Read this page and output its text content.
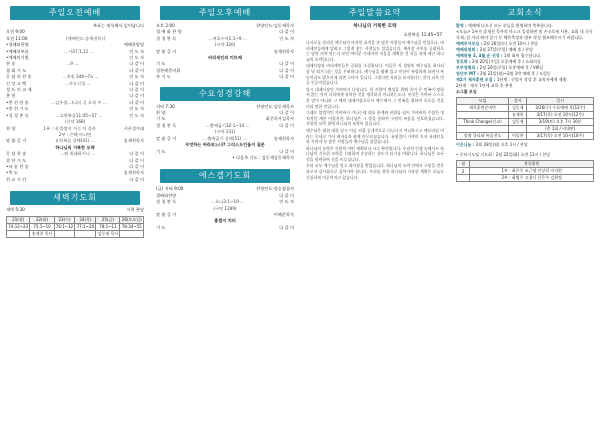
주일오전예배
※표는 재석해서 일어납니다
오전 9:00
오전 11:00	(예배인도:송재천목사
•경배와찬양	예배찬양팀
•예배의부름	…시47:1,11 …	인 도 자
•예배의기원	인 도 자
찬 송	…9 …	다 같 이
참 회 기 도	다 같 이
응 답 의 찬 송	…찬송 346~7a …	인 도 자
신 앙 고 백	…사도신경 …	다 같 이
성 도 의 교 제	다 같 이
봉 헌	다 같 이
•봉 헌 찬 송	…김우림…(나의 길 오직 주 …	다 같 이
•봉 헌 기 도	인 도 자
•성 경 봉 독	…요한복음11:45~57 …	인 도 자
(신약 168)
찬 양	1부 : 내 불쌍이 가득 차 올라	시온성가대
2부 : 은혜 아니면
말 씀 증 거	요한복음 강해(41) …	송재천목사
하나님의 거룩한 모략
응 답 찬 송	…뭐 원태하시니 …	다 같 이
결 단 기 도	다 같 이
•파 송 찬 송	다 같 이
•축 도	송재천목사
친 교 시 간	다 같 이
새벽기도회
새벽 5:30	시편 본당
21(월)	22(화)	23(수)	24(목)	25(금)	26(토요일)
74:12~23	75:1~10	76:1~12	77:1~20	78:1~11	78:34~55
	송재천 목사			김동재 목사	
주일오후예배
오후 2:00	찬양인도:김동재목사
경 배 와 찬 양	다 같 이
성 경 봉 독	…여호수아1:1~9 …	인 도 자
(구약 320)
말 씀 증 거	송재천목사
바리새인의 미트배
기 도	다 같 이
성찬례준비위	다 같 이
주 기 도	다 같 이
수요성경강해
저녁 7:30	찬양인도:김동재목사
찬 양	다 같 이
기 도	회중목사김목사
성 경 봉 독	…출애굽기32:1~14 …	다 같 이
(구약 131)
말 씀 증 거	…출애굽기 강해(51) …	송재천목사
무엇하는 바라보느냐? 그리스도인들이 질문
기 도	다 같 이
• 다음주 기도 : 김동재김동재목사
에스겔기도회
(금) 저녁 9:00	찬양인도:정승겸집사
경배와찬양	다 같 이
성 경 봉 독	…요나3:1~10 …	인 도 자
(구약 1289)
말 씀 증 거	이해준목사
좋겠지 치러
기 도	다 같 이
주일말씀요약
하나님의 거룩한 모략
요한복음 11:45~57

나사로를 살리신 예수님의 마지막 표적을 본 많은 사람들이 예수님을 믿었으나, 바리새인들에게 알려고 그렇게 찾는 사람들도 있었습니다. 제사장 사이를 공회하으는 당의 지야 잇는가 보던 여러분 가데자의 죽음을 계획한 것 자들 뒤에 세난 하나님의 모략입니다.

대제사장과 바리새인들은 공회를 소집합니다. 이들은 저 성원이 예수님을 최사되음 및 퇴거 되는 것을 우려합니다. 예수님을 영해 있고 민심이 폭발하게 되면서 폭동이라도 발으키게 되면 로마가 입니다. 그렇다면 자리를 유지한다는 것이 더욱 만들 인공이었습니다.

당시 대제사장인 가야바가 나섭니다. 한 사람이 백성을 위해 죽어 온 민족이 망하지 않는 것이 너희에게 유익한 것을 생각하지 아니하는도다. 이것은 가야바 스스로 한 말이 아니라 그 해의 대제사장으로서 예수께서 그 민족을 위하여 죽으실 것을 미리 말한 것입니다.

그래도 불법적인 가야바가 가나는데 죄를 한계와 권위를 넘어 가야바의 주장은 정치적인 계산 이었지만, 하나님은 그 말을 통하여 구원의 복음을 선포하셨습니다. 사람의 모략 위에 하나님의 모략이 있습니다.

예수님은 대한 대한 당시 이를 직접 공개적으로 다니시지 아니하시고 에브라임 이라는 동네로 가서 제자들과 함께 머무르셨습니다. 유월절이 가까이 오자 유대인들과 가이야 등 많은 사람들이 예수님을 찾았습니다.

하나님의 모략은 사람의 어떤 계획보다 크고 완전합니다. 우리의 인생 속에서도 하나님의 거룩한 모략을 신뢰하며 순종하는 성도가 되기를 바랍니다. 하나님은 모든 것을 합력하여 선을 이루십니다.

우리 모두 예수님을 믿고 죄사함을 받았습니다. 하나님의 모략 안에서 구원을 얻은 자로서 감사함으로 살아가야 합니다. 우리를 향한 하나님의 거룩한 계획은 오늘도 신실하게 이루어지고 있습니다.

교회소식
환영 : 예배에 나오신 모든 분들을 환영하며 축복합니다.
<오늘> 1부가 송재천 목사의 마스크 입장하면 및 손소독제 사용, 교회 내 식사 자제, 한 자리 띄어 앉기 등 체온측정과 명부 작성 협조해주시기 바랍니다.
예배부서모임 : 2월 26일(토) 오전 10시 / 본당
예배위원회 : 2월 27일(주일) 예배 후 / 본당
예배위원 3, 4월 순 선정 : 1월 회비 접수합니다.
장로회 : 2월 20일(주일) 오후예배 후 / 소회의실
부부장회의 : 2월 20일(주일) 오후예배 후 / VIP실
청년부 MT : 2월 21일(월)~2월 1박 예배 후 / 도림동
제2기 제자훈련 모집 : 1단계 : 신앙서 작성 후 교육자에게 제출
2단계 : 제자 1단계 교육 후 추천
소그룹 모임
모임	강사	일시
제자훈련준비반	김동재	3/16(수) 수요예배 후(12주)
	송재천	3/17(목) 오전 10시(12주)
Think Change(선교)	김동재	3/19(토) 오후 7시 30분
		(총 1회 / 비대면)
말씀 큐티와 복음전도	이종찬	3/17(목) 오전 10시(10주)
이웃나눔 : 2월 28일(월) 오후 1시 / 본당
• 중보기도팀 기도회 : 2월 22일(화) 오전 11시 / 본당
월	봉헌위원
2	1부 : 최은주 조근영 안상희 이지현
	2부 : 최병주 고경식 신은주 김현정
